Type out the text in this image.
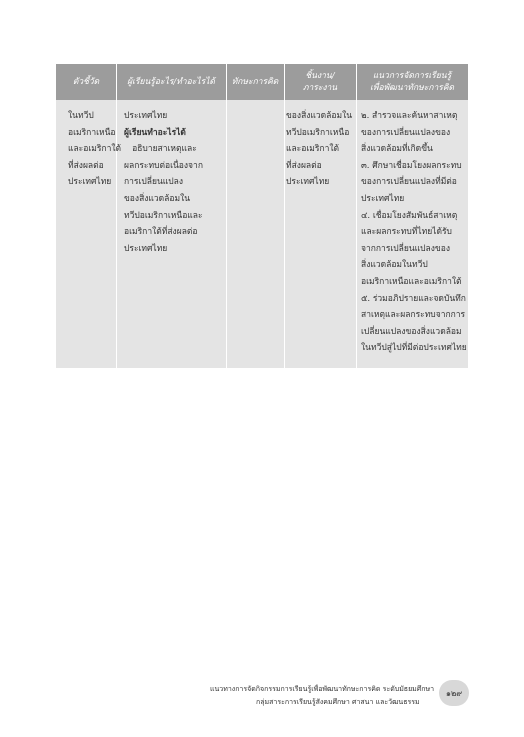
ตัวชี้วัด	ผู้เรียนรู้อะไร/ทำอะไรได้ ทักษะการคิด
ชิ้นงาน/
ภาระงาน
แนวการจัดการเรียนรู้
เพื่อพัฒนาทักษะการคิด
ในทวีป
อเมริกาเหนือ
และอเมริกาใต้
ที่ส่งผลต่อ
ประเทศไทย
ประเทศไทย
ผู้เรียนทำอะไรได้
อธิบายสาเหตุและ
ผลกระทบต่อเนื่องจาก
การเปลี่ยนแปลง
ของสิ่งแวดล้อมใน
ทวีปอเมริกาเหนือและ
อเมริกาใต้ที่ส่งผลต่อ
ประเทศไทย
ของสิ่งแวดล้อมใน
ทวีปอเมริกาเหนือ
และอเมริกาใต้
ที่ส่งผลต่อ
ประเทศไทย
๒. สำรวจและค้นหาสาเหตุ
ของการเปลี่ยนแปลงของ
สิ่งแวดล้อมที่เกิดขึ้น
๓. ศึกษาเชื่อมโยงผลกระทบ
ของการเปลี่ยนแปลงที่มีต่อ
ประเทศไทย
๔. เชื่อมโยงสัมพันธ์สาเหตุ
และผลกระทบที่ไทยได้รับ
จากการเปลี่ยนแปลงของ
สิ่งแวดล้อมในทวีป
อเมริกาเหนือและอเมริกาใต้
๕. ร่วมอภิปรายและจดบันทึก
สาเหตุและผลกระทบจากการ
เปลี่ยนแปลงของสิ่งแวดล้อม
ในทวีปสู่ไปที่มีต่อประเทศไทย
แนวทางการจัดกิจกรรมการเรียนรู้เพื่อพัฒนาทักษะการคิด ระดับมัธยมศึกษา
กลุ่มสาระการเรียนรู้สังคมศึกษา ศาสนา และวัฒนธรรม
๑๒๙
